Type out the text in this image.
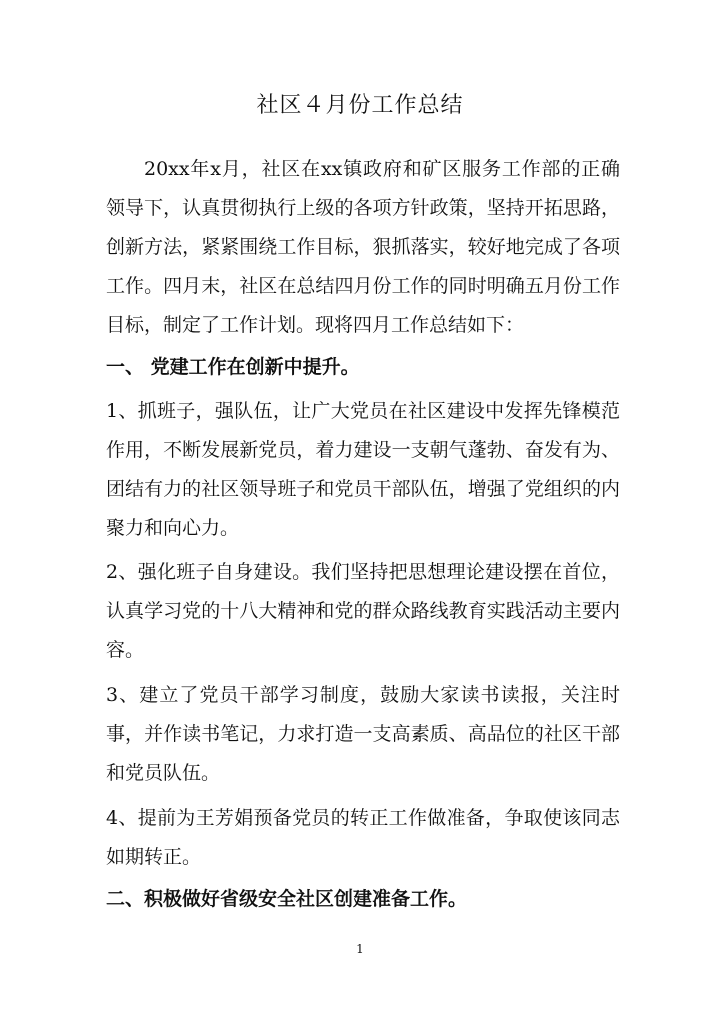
社区４月份工作总结

20xx年x月，社区在xx镇政府和矿区服务工作部的正确领导下，认真贯彻执行上级的各项方针政策，坚持开拓思路，创新方法，紧紧围绕工作目标，狠抓落实，较好地完成了各项工作。四月末，社区在总结四月份工作的同时明确五月份工作目标，制定了工作计划。现将四月工作总结如下：

一、 党建工作在创新中提升。

1、抓班子，强队伍，让广大党员在社区建设中发挥先锋模范作用，不断发展新党员，着力建设一支朝气蓬勃、奋发有为、团结有力的社区领导班子和党员干部队伍，增强了党组织的内聚力和向心力。

2、强化班子自身建设。我们坚持把思想理论建设摆在首位，认真学习党的十八大精神和党的群众路线教育实践活动主要内容。

3、建立了党员干部学习制度，鼓励大家读书读报，关注时事，并作读书笔记，力求打造一支高素质、高品位的社区干部和党员队伍。

4、提前为王芳娟预备党员的转正工作做准备，争取使该同志如期转正。

二、积极做好省级安全社区创建准备工作。

1
